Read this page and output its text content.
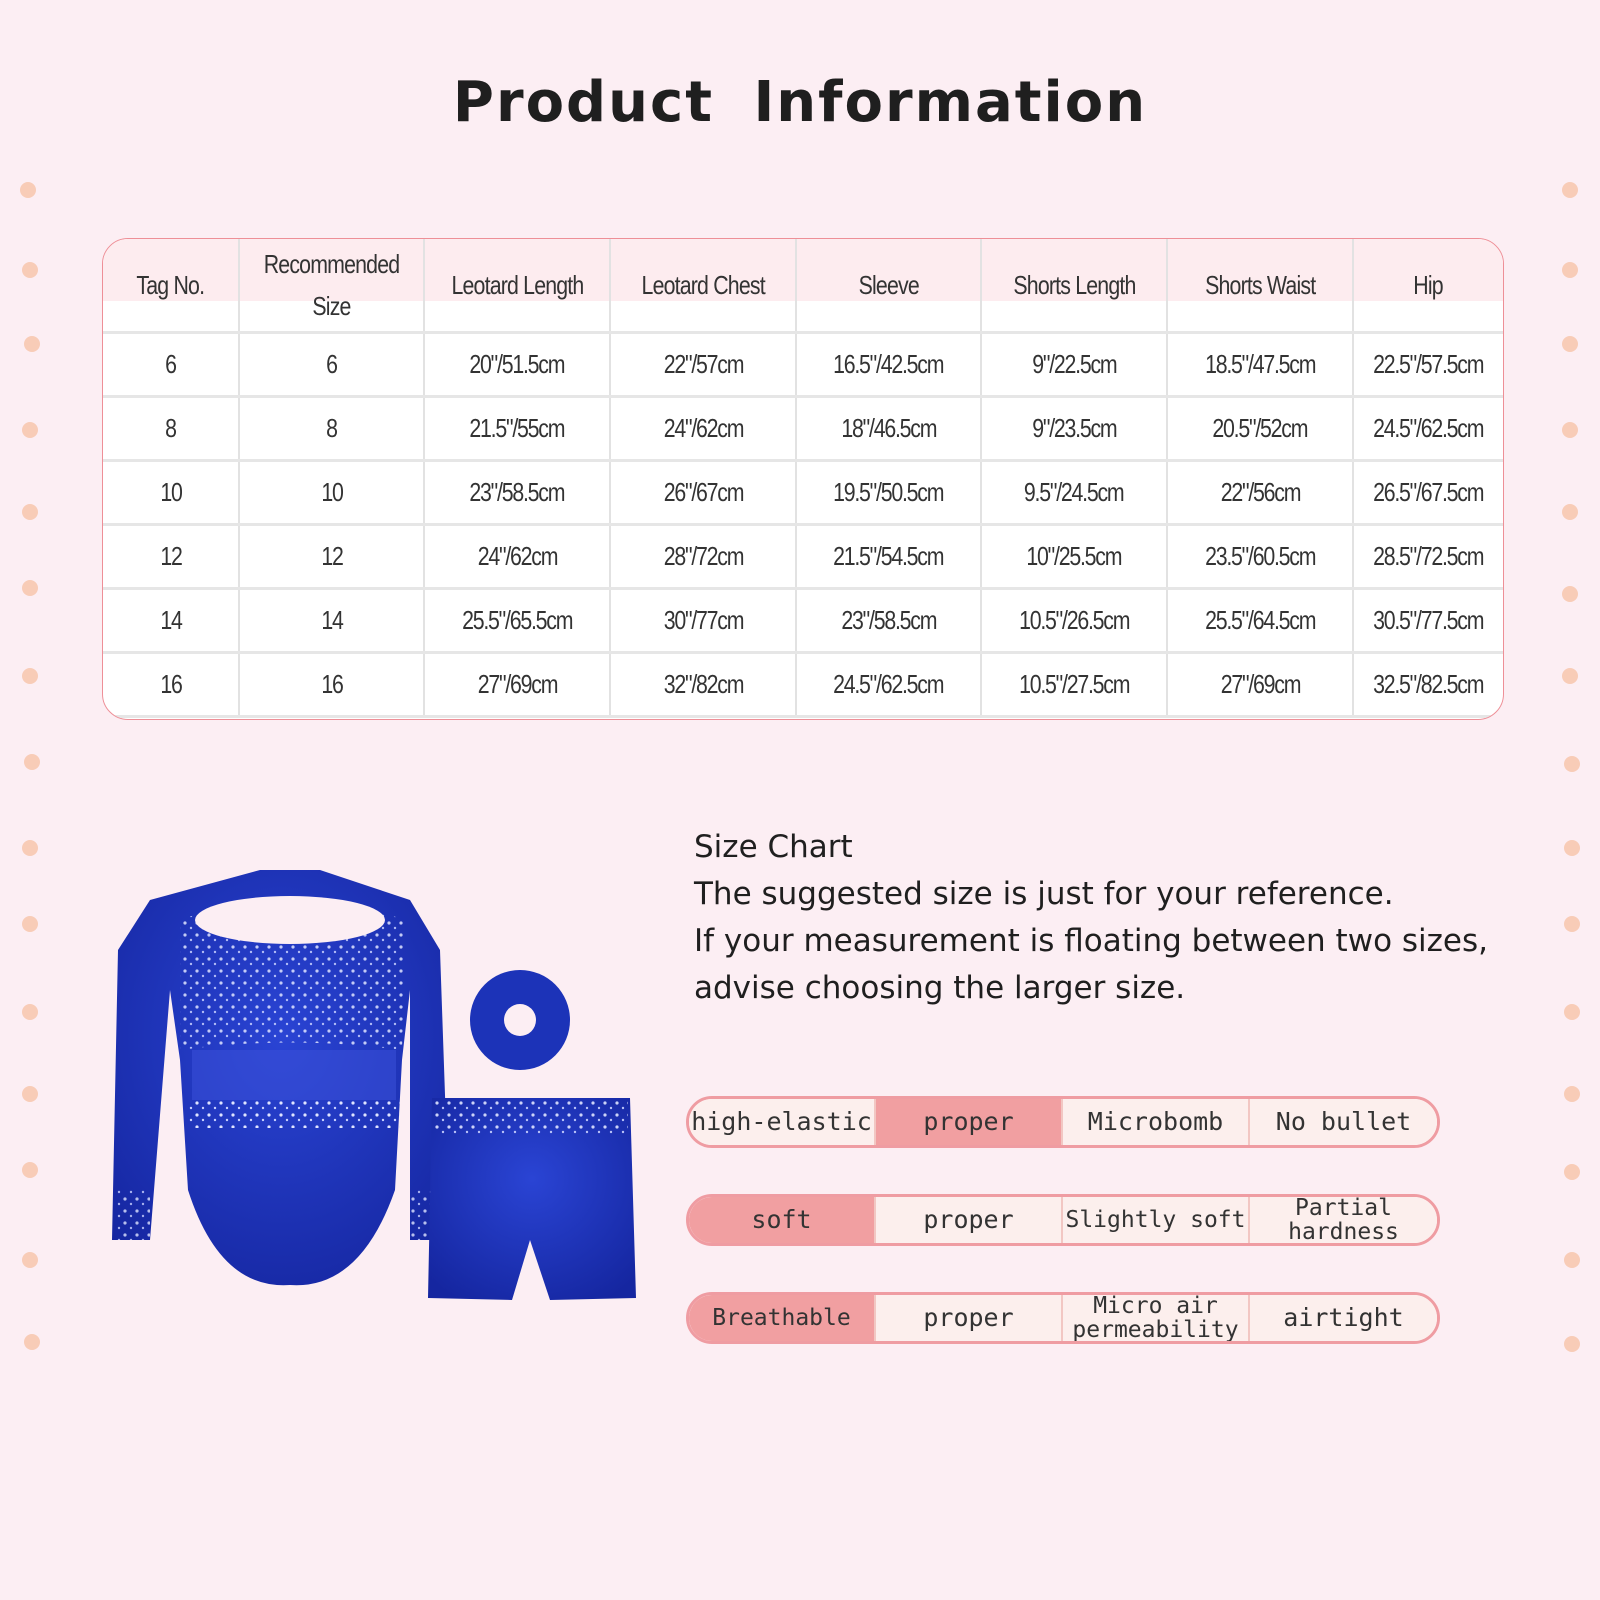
Product Information
Tag No.	Recommended Size	Leotard Length	Leotard Chest	Sleeve	Shorts Length	Shorts Waist	Hip
6	6	20"/51.5cm	22"/57cm	16.5"/42.5cm	9"/22.5cm	18.5"/47.5cm	22.5"/57.5cm
8	8	21.5"/55cm	24"/62cm	18"/46.5cm	9"/23.5cm	20.5"/52cm	24.5"/62.5cm
10	10	23"/58.5cm	26"/67cm	19.5"/50.5cm	9.5"/24.5cm	22"/56cm	26.5"/67.5cm
12	12	24"/62cm	28"/72cm	21.5"/54.5cm	10"/25.5cm	23.5"/60.5cm	28.5"/72.5cm
14	14	25.5"/65.5cm	30"/77cm	23"/58.5cm	10.5"/26.5cm	25.5"/64.5cm	30.5"/77.5cm
16	16	27"/69cm	32"/82cm	24.5"/62.5cm	10.5"/27.5cm	27"/69cm	32.5"/82.5cm
Size Chart
The suggested size is just for your reference.
If your measurement is floating between two sizes,
advise choosing the larger size.
high-elastic	proper	Microbomb	No bullet
soft	proper	Slightly soft	Partial hardness
Breathable	proper	Micro air permeability	airtight
